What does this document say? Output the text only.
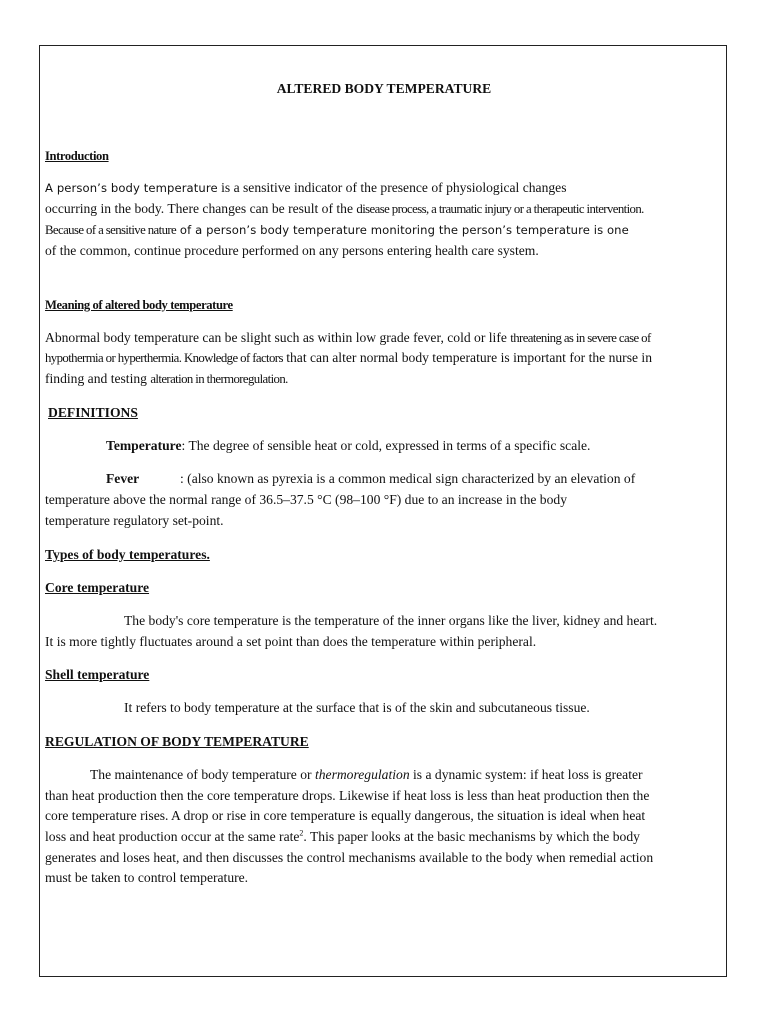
ALTERED BODY TEMPERATURE
Introduction
A person’s body temperature is a sensitive indicator of the presence of physiological changes
occurring in the body. There changes can be result of the disease process, a traumatic injury or a therapeutic intervention.
Because of a sensitive nature of a person’s body temperature monitoring the person’s temperature is one
of the common, continue procedure performed on any persons entering health care system.
Meaning of altered body temperature
Abnormal body temperature can be slight such as within low grade fever, cold or life threatening as in severe case of
hypothermia or hyperthermia. Knowledge of factors that can alter normal body temperature is important for the nurse in
finding and testing alteration in thermoregulation.
DEFINITIONS
Temperature: The degree of sensible heat or cold, expressed in terms of a specific scale.
Fever	: (also known as pyrexia is a common medical sign characterized by an elevation of
temperature above the normal range of 36.5–37.5 °C (98–100 °F) due to an increase in the body
temperature regulatory set-point.
Types of body temperatures.
Core temperature
The body's core temperature is the temperature of the inner organs like the liver, kidney and heart.
It is more tightly fluctuates around a set point than does the temperature within peripheral.
Shell temperature
It refers to body temperature at the surface that is of the skin and subcutaneous tissue.
REGULATION OF BODY TEMPERATURE
The maintenance of body temperature or thermoregulation is a dynamic system: if heat loss is greater
than heat production then the core temperature drops. Likewise if heat loss is less than heat production then the
core temperature rises. A drop or rise in core temperature is equally dangerous, the situation is ideal when heat
loss and heat production occur at the same rate$^2$. This paper looks at the basic mechanisms by which the body
generates and loses heat, and then discusses the control mechanisms available to the body when remedial action
must be taken to control temperature.
